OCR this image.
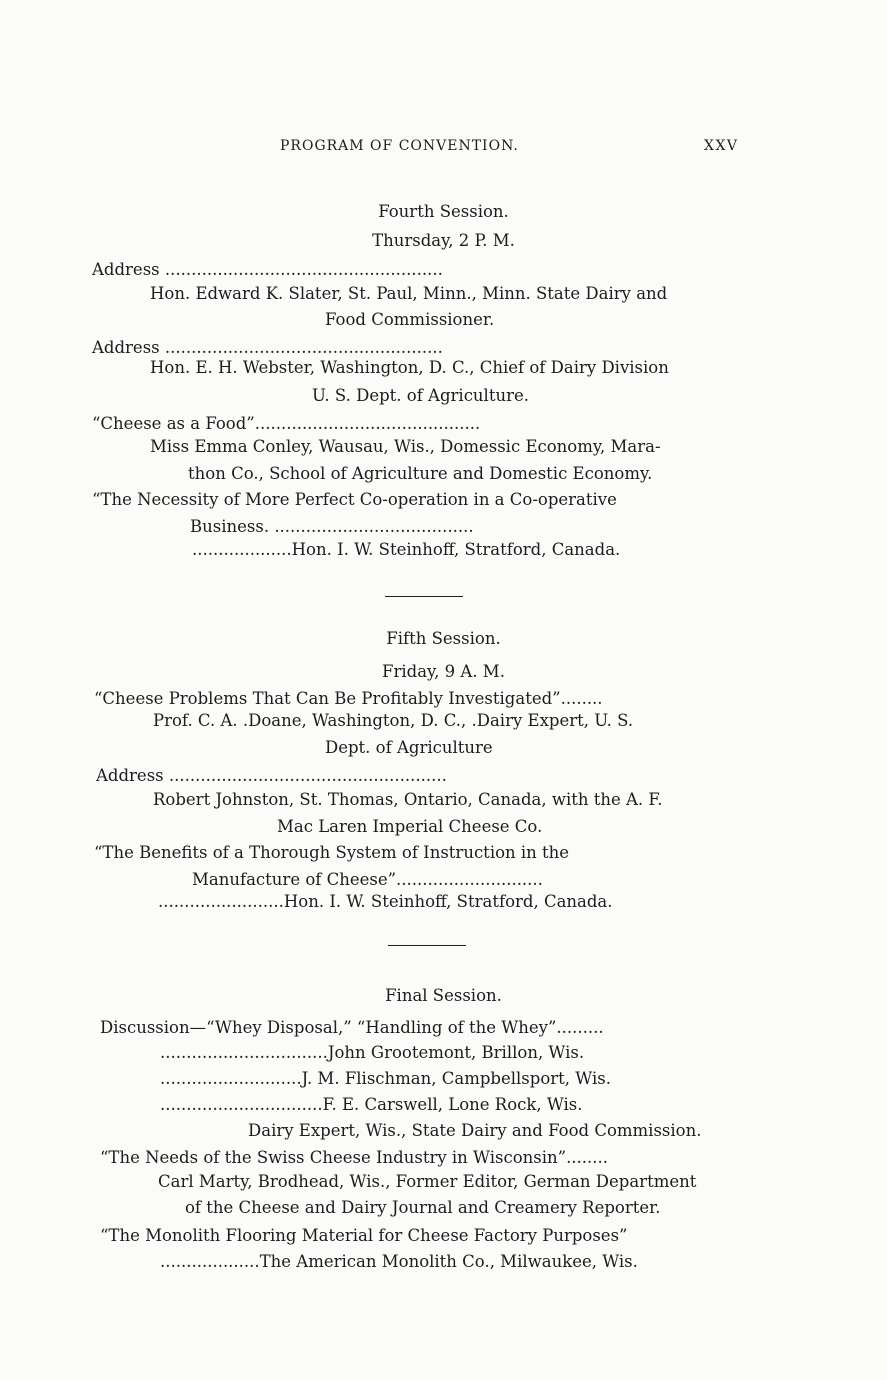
PROGRAM OF CONVENTION.	XXV
Fourth Session.
Thursday, 2 P. M.
Address .....................................................
Hon. Edward K. Slater, St. Paul, Minn., Minn. State Dairy and
Food Commissioner.
Address .....................................................
Hon. E. H. Webster, Washington, D. C., Chief of Dairy Division
U. S. Dept. of Agriculture.
“Cheese as a Food”...........................................
Miss Emma Conley, Wausau, Wis., Domessic Economy, Mara-
thon Co., School of Agriculture and Domestic Economy.
“The Necessity of More Perfect Co-operation in a Co-operative
Business. ......................................
...................Hon. I. W. Steinhoff, Stratford, Canada.
Fifth Session.
Friday, 9 A. M.
“Cheese Problems That Can Be Profitably Investigated”........
Prof. C. A. .Doane, Washington, D. C., .Dairy Expert, U. S.
Dept. of Agriculture
Address .....................................................
Robert Johnston, St. Thomas, Ontario, Canada, with the A. F.
Mac Laren Imperial Cheese Co.
“The Benefits of a Thorough System of Instruction in the
Manufacture of Cheese”............................
........................Hon. I. W. Steinhoff, Stratford, Canada.
Final Session.
Discussion—“Whey Disposal,” “Handling of the Whey”.........
................................John Grootemont, Brillon, Wis.
...........................J. M. Flischman, Campbellsport, Wis.
...............................F. E. Carswell, Lone Rock, Wis.
Dairy Expert, Wis., State Dairy and Food Commission.
“The Needs of the Swiss Cheese Industry in Wisconsin”........
Carl Marty, Brodhead, Wis., Former Editor, German Department
of the Cheese and Dairy Journal and Creamery Reporter.
“The Monolith Flooring Material for Cheese Factory Purposes”
...................The American Monolith Co., Milwaukee, Wis.
